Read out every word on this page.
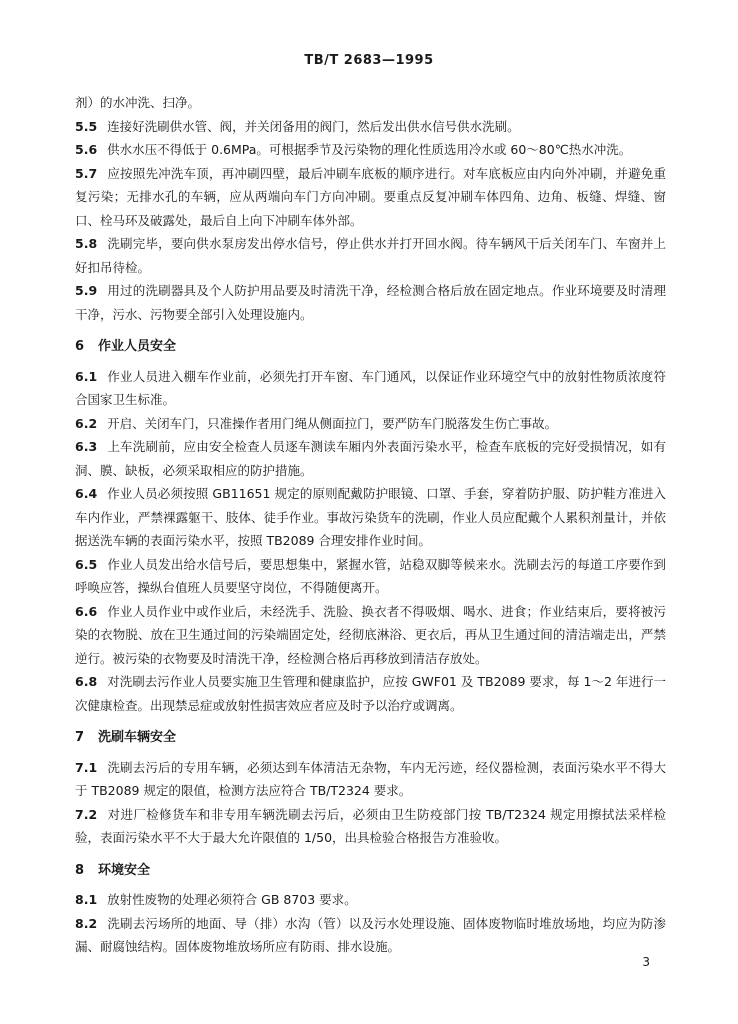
TB/T 2683—1995

剂）的水冲洗、扫净。

5.5 连接好洗刷供水管、阀，并关闭备用的阀门，然后发出供水信号供水洗刷。

5.6 供水水压不得低于 0.6MPa。可根据季节及污染物的理化性质选用冷水或 60～80℃热水冲洗。

5.7 应按照先冲洗车顶，再冲刷四壁，最后冲刷车底板的顺序进行。对车底板应由内向外冲刷，并避免重复污染；无排水孔的车辆，应从两端向车门方向冲刷。要重点反复冲刷车体四角、边角、板缝、焊缝、窗口、栓马环及破露处，最后自上向下冲刷车体外部。

5.8 洗刷完毕，要向供水泵房发出停水信号，停止供水并打开回水阀。待车辆风干后关闭车门、车窗并上好扣吊待检。

5.9 用过的洗刷器具及个人防护用品要及时清洗干净，经检测合格后放在固定地点。作业环境要及时清理干净，污水、污物要全部引入处理设施内。

6 作业人员安全

6.1 作业人员进入棚车作业前，必须先打开车窗、车门通风，以保证作业环境空气中的放射性物质浓度符合国家卫生标准。

6.2 开启、关闭车门，只准操作者用门绳从侧面拉门，要严防车门脱落发生伤亡事故。

6.3 上车洗刷前，应由安全检查人员逐车测读车厢内外表面污染水平，检查车底板的完好受损情况，如有洞、膜、缺板，必须采取相应的防护措施。

6.4 作业人员必须按照 GB11651 规定的原则配戴防护眼镜、口罩、手套，穿着防护服、防护鞋方准进入车内作业，严禁裸露躯干、肢体、徒手作业。事故污染货车的洗刷，作业人员应配戴个人累积剂量计，并依据送洗车辆的表面污染水平，按照 TB2089 合理安排作业时间。

6.5 作业人员发出给水信号后，要思想集中，紧握水管，站稳双脚等候来水。洗刷去污的每道工序要作到呼唤应答，操纵台值班人员要坚守岗位，不得随便离开。

6.6 作业人员作业中或作业后，未经洗手、洗脸、换衣者不得吸烟、喝水、进食；作业结束后，要将被污染的衣物脱、放在卫生通过间的污染端固定处，经彻底淋浴、更衣后，再从卫生通过间的清洁端走出，严禁逆行。被污染的衣物要及时清洗干净，经检测合格后再移放到清洁存放处。

6.8 对洗刷去污作业人员要实施卫生管理和健康监护，应按 GWF01 及 TB2089 要求，每 1～2 年进行一次健康检查。出现禁忌症或放射性损害效应者应及时予以治疗或调离。

7 洗刷车辆安全

7.1 洗刷去污后的专用车辆，必须达到车体清洁无杂物，车内无污迹，经仪器检测，表面污染水平不得大于 TB2089 规定的限值，检测方法应符合 TB/T2324 要求。

7.2 对进厂检修货车和非专用车辆洗刷去污后，必须由卫生防疫部门按 TB/T2324 规定用擦拭法采样检验，表面污染水平不大于最大允许限值的 1/50，出具检验合格报告方准验收。

8 环境安全

8.1 放射性废物的处理必须符合 GB 8703 要求。

8.2 洗刷去污场所的地面、导（排）水沟（管）以及污水处理设施、固体废物临时堆放场地，均应为防渗漏、耐腐蚀结构。固体废物堆放场所应有防雨、排水设施。

3
